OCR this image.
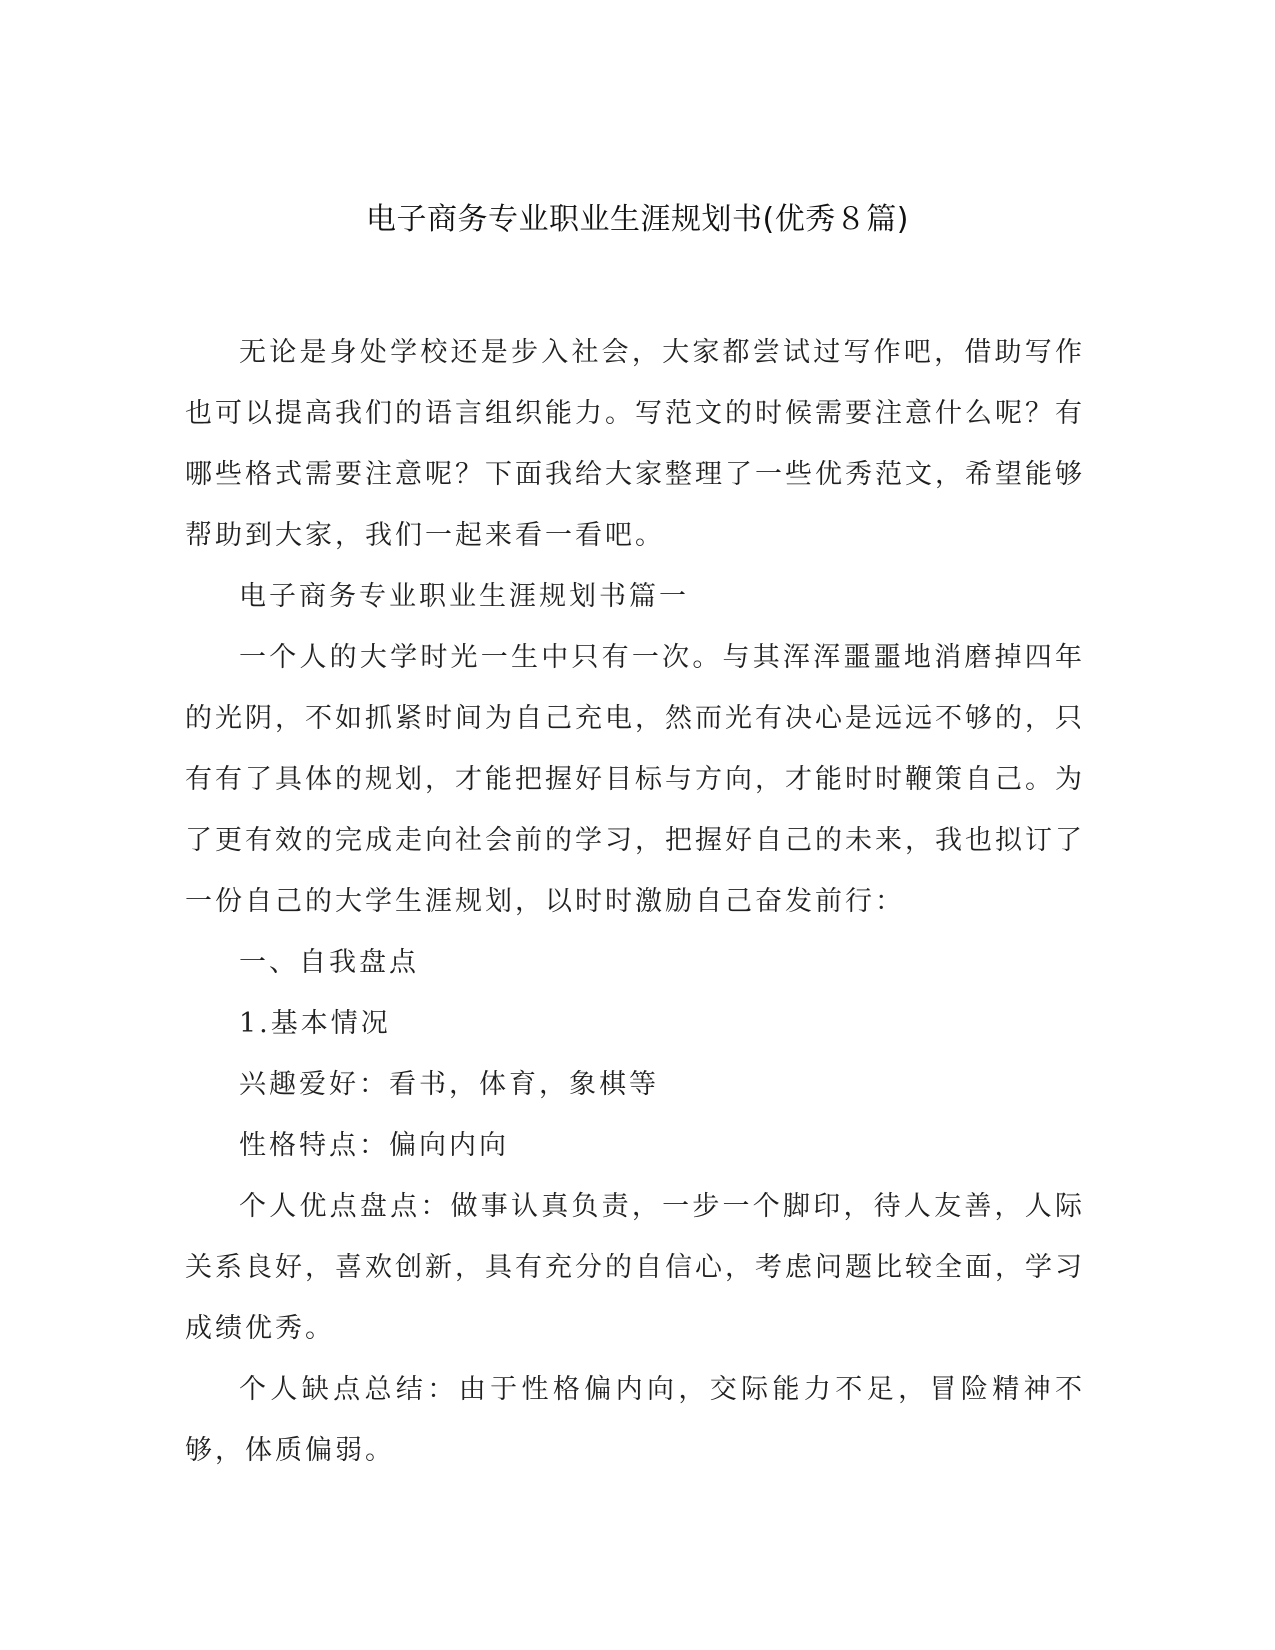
电子商务专业职业生涯规划书(优秀８篇)

无论是身处学校还是步入社会，大家都尝试过写作吧，借助写作也可以提高我们的语言组织能力。写范文的时候需要注意什么呢？有哪些格式需要注意呢？下面我给大家整理了一些优秀范文，希望能够帮助到大家，我们一起来看一看吧。

电子商务专业职业生涯规划书篇一

一个人的大学时光一生中只有一次。与其浑浑噩噩地消磨掉四年的光阴，不如抓紧时间为自己充电，然而光有决心是远远不够的，只有有了具体的规划，才能把握好目标与方向，才能时时鞭策自己。为了更有效的完成走向社会前的学习，把握好自己的未来，我也拟订了一份自己的大学生涯规划，以时时激励自己奋发前行：

一、自我盘点

1.基本情况

兴趣爱好：看书，体育，象棋等

性格特点：偏向内向

个人优点盘点：做事认真负责，一步一个脚印，待人友善，人际关系良好，喜欢创新，具有充分的自信心，考虑问题比较全面，学习成绩优秀。

个人缺点总结：由于性格偏内向，交际能力不足，冒险精神不够，体质偏弱。
